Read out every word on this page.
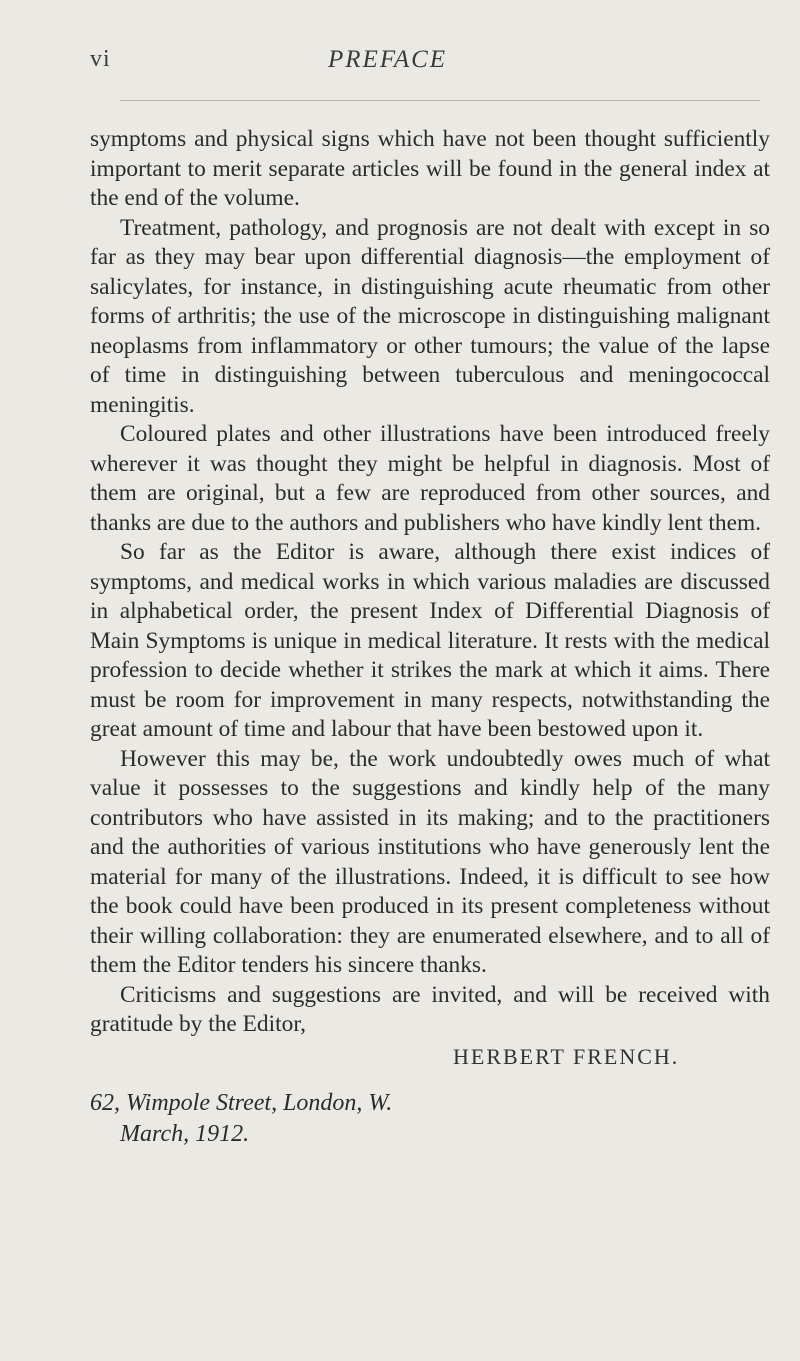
vi	PREFACE

symptoms and physical signs which have not been thought sufficiently important to merit separate articles will be found in the general index at the end of the volume.

Treatment, pathology, and prognosis are not dealt with except in so far as they may bear upon differential diagnosis—the employment of salicylates, for instance, in distinguishing acute rheumatic from other forms of arthritis; the use of the microscope in distinguishing malignant neoplasms from inflammatory or other tumours; the value of the lapse of time in distinguishing between tuberculous and meningococcal meningitis.

Coloured plates and other illustrations have been introduced freely wherever it was thought they might be helpful in diagnosis. Most of them are original, but a few are reproduced from other sources, and thanks are due to the authors and publishers who have kindly lent them.

So far as the Editor is aware, although there exist indices of symptoms, and medical works in which various maladies are discussed in alphabetical order, the present Index of Differential Diagnosis of Main Symptoms is unique in medical literature. It rests with the medical profession to decide whether it strikes the mark at which it aims. There must be room for improvement in many respects, notwithstanding the great amount of time and labour that have been bestowed upon it.

However this may be, the work undoubtedly owes much of what value it possesses to the suggestions and kindly help of the many contributors who have assisted in its making; and to the practitioners and the authorities of various institutions who have generously lent the material for many of the illustrations. Indeed, it is difficult to see how the book could have been produced in its present completeness without their willing collaboration: they are enumerated elsewhere, and to all of them the Editor tenders his sincere thanks.

Criticisms and suggestions are invited, and will be received with gratitude by the Editor,

HERBERT FRENCH.
62, Wimpole Street, London, W.
March, 1912.
